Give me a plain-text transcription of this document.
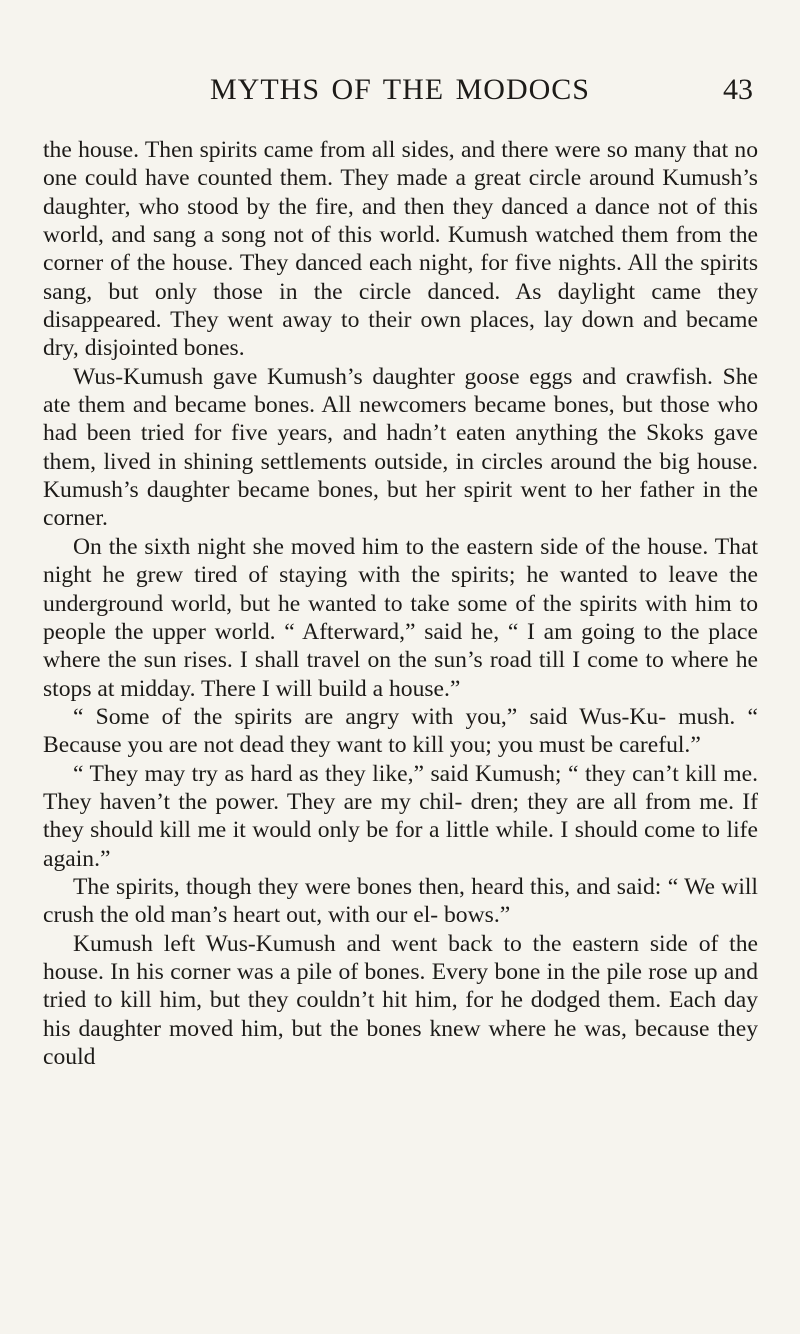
MYTHS OF THE MODOCS	43

the house. Then spirits came from all sides, and there were so many that no one could have counted them. They made a great circle around Kumush’s daughter, who stood by the fire, and then they danced a dance not of this world, and sang a song not of this world. Kumush watched them from the corner of the house. They danced each night, for five nights. All the spirits sang, but only those in the circle danced. As daylight came they disappeared. They went away to their own places, lay down and became dry, disjointed bones.

Wus-Kumush gave Kumush’s daughter goose eggs and crawfish. She ate them and became bones. All newcomers became bones, but those who had been tried for five years, and hadn’t eaten anything the Skoks gave them, lived in shining settlements outside, in circles around the big house. Kumush’s daughter became bones, but her spirit went to her father in the corner.

On the sixth night she moved him to the eastern side of the house. That night he grew tired of staying with the spirits; he wanted to leave the underground world, but he wanted to take some of the spirits with him to people the upper world. “ Afterward,” said he, “ I am going to the place where the sun rises. I shall travel on the sun’s road till I come to where he stops at midday. There I will build a house.”

“ Some of the spirits are angry with you,” said Wus-Ku- mush. “ Because you are not dead they want to kill you; you must be careful.”

“ They may try as hard as they like,” said Kumush; “ they can’t kill me. They haven’t the power. They are my chil- dren; they are all from me. If they should kill me it would only be for a little while. I should come to life again.”

The spirits, though they were bones then, heard this, and said: “ We will crush the old man’s heart out, with our el- bows.”

Kumush left Wus-Kumush and went back to the eastern side of the house. In his corner was a pile of bones. Every bone in the pile rose up and tried to kill him, but they couldn’t hit him, for he dodged them. Each day his daughter moved him, but the bones knew where he was, because they could
